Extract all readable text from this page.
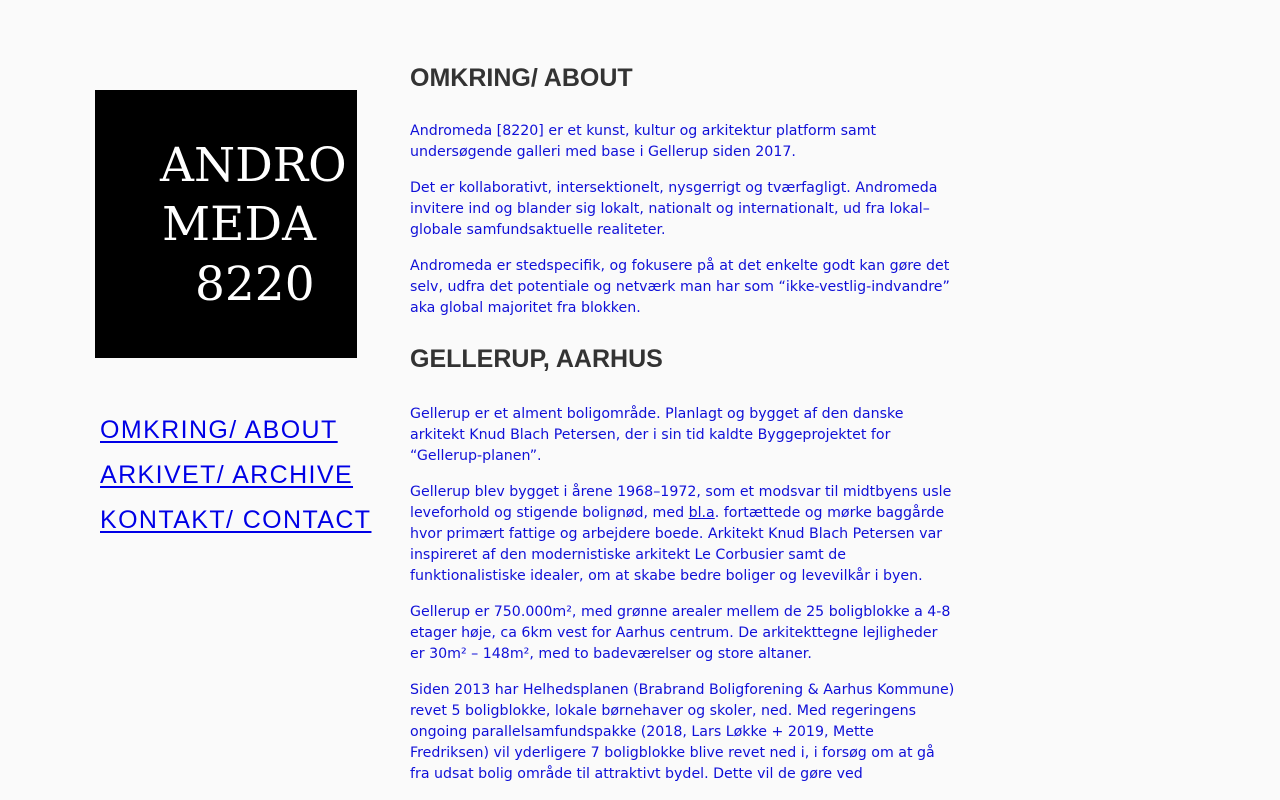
ANDRO
MEDA
8220
OMKRING/ ABOUT
ARKIVET/ ARCHIVE
KONTAKT/ CONTACT
OMKRING/ ABOUT

Andromeda [8220] er et kunst, kultur og arkitektur platform samt undersøgende galleri med base i Gellerup siden 2017.

Det er kollaborativt, intersektionelt, nysgerrigt og tværfagligt. Andromeda invitere ind og blander sig lokalt, nationalt og internationalt, ud fra lokal–globale samfundsaktuelle realiteter.

Andromeda er stedspecifik, og fokusere på at det enkelte godt kan gøre det selv, udfra det potentiale og netværk man har som “ikke-vestlig-indvandre” aka global majoritet fra blokken.

GELLERUP, AARHUS

Gellerup er et alment boligområde. Planlagt og bygget af den danske arkitekt Knud Blach Petersen, der i sin tid kaldte Byggeprojektet for “Gellerup-planen”.

Gellerup blev bygget i årene 1968–1972, som et modsvar til midtbyens usle leveforhold og stigende bolignød, med bl.a. fortættede og mørke baggårde hvor primært fattige og arbejdere boede. Arkitekt Knud Blach Petersen var inspireret af den modernistiske arkitekt Le Corbusier samt de funktionalistiske idealer, om at skabe bedre boliger og levevilkår i byen.

Gellerup er 750.000m², med grønne arealer mellem de 25 boligblokke a 4-8 etager høje, ca 6km vest for Aarhus centrum. De arkitekttegne lejligheder er 30m² – 148m², med to badeværelser og store altaner.

Siden 2013 har Helhedsplanen (Brabrand Boligforening & Aarhus Kommune) revet 5 boligblokke, lokale børnehaver og skoler, ned. Med regeringens ongoing parallelsamfundspakke (2018, Lars Løkke + 2019, Mette Fredriksen) vil yderligere 7 boligblokke blive revet ned i, i forsøg om at gå fra udsat bolig område til attraktivt bydel. Dette vil de gøre ved
